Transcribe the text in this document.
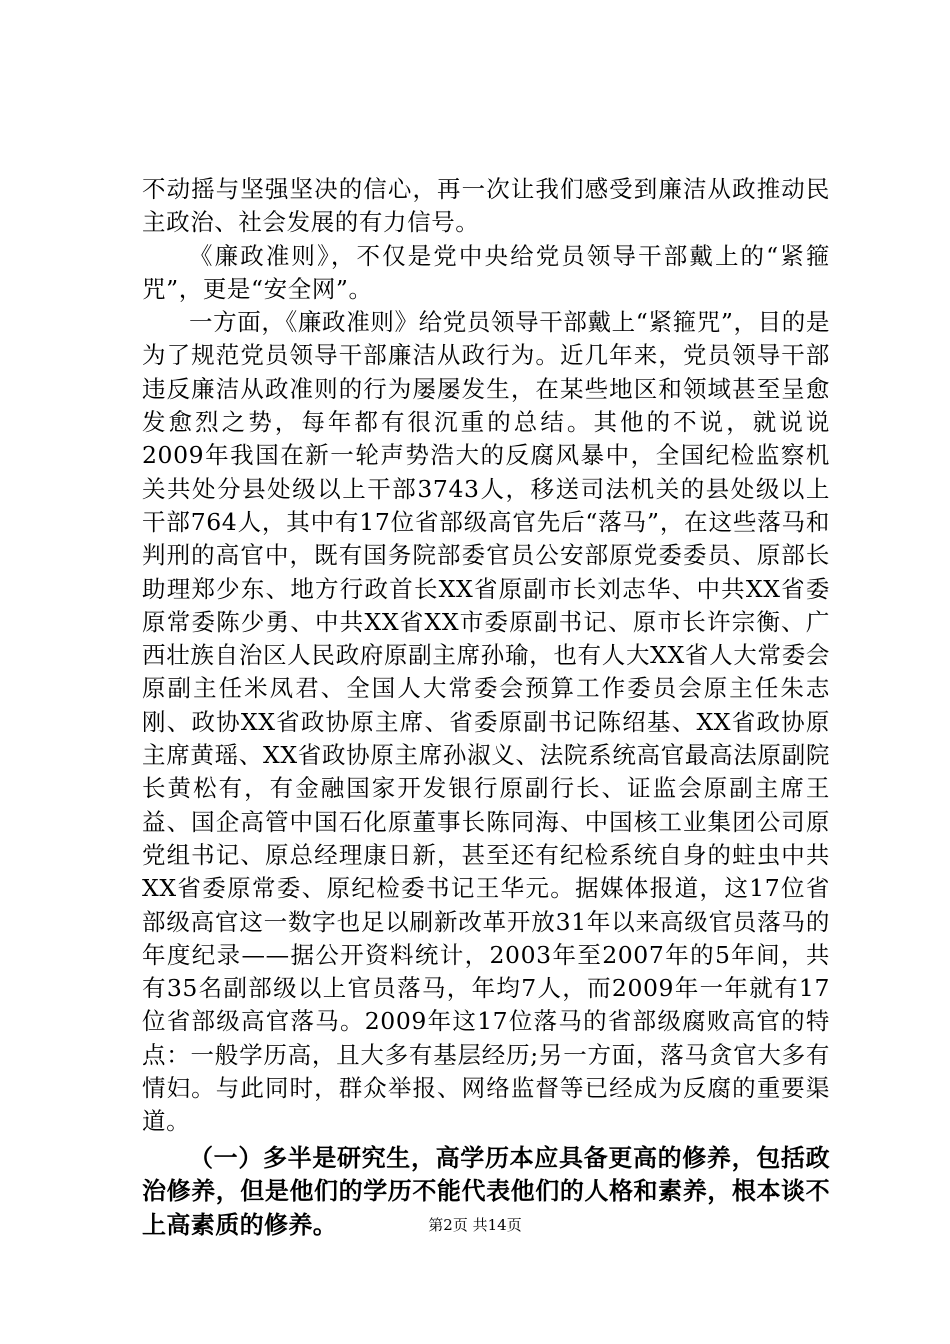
不动摇与坚强坚决的信心，再一次让我们感受到廉洁从政推动民主政治、社会发展的有力信号。

《廉政准则》，不仅是党中央给党员领导干部戴上的“紧箍咒”，更是“安全网”。

一方面，《廉政准则》给党员领导干部戴上“紧箍咒”，目的是为了规范党员领导干部廉洁从政行为。近几年来，党员领导干部违反廉洁从政准则的行为屡屡发生，在某些地区和领域甚至呈愈发愈烈之势，每年都有很沉重的总结。其他的不说，就说说2009年我国在新一轮声势浩大的反腐风暴中，全国纪检监察机关共处分县处级以上干部3743人，移送司法机关的县处级以上干部764人，其中有17位省部级高官先后“落马”，在这些落马和判刑的高官中，既有国务院部委官员公安部原党委委员、原部长助理郑少东、地方行政首长XX省原副市长刘志华、中共XX省委原常委陈少勇、中共XX省XX市委原副书记、原市长许宗衡、广西壮族自治区人民政府原副主席孙瑜，也有人大XX省人大常委会原副主任米凤君、全国人大常委会预算工作委员会原主任朱志刚、政协XX省政协原主席、省委原副书记陈绍基、XX省政协原主席黄瑶、XX省政协原主席孙淑义、法院系统高官最高法原副院长黄松有，有金融国家开发银行原副行长、证监会原副主席王益、国企高管中国石化原董事长陈同海、中国核工业集团公司原党组书记、原总经理康日新，甚至还有纪检系统自身的蛀虫中共XX省委原常委、原纪检委书记王华元。据媒体报道，这17位省部级高官这一数字也足以刷新改革开放31年以来高级官员落马的年度纪录——据公开资料统计，2003年至2007年的5年间，共有35名副部级以上官员落马，年均7人，而2009年一年就有17位省部级高官落马。2009年这17位落马的省部级腐败高官的特点：一般学历高，且大多有基层经历;另一方面，落马贪官大多有情妇。与此同时，群众举报、网络监督等已经成为反腐的重要渠道。

（一）多半是研究生，高学历本应具备更高的修养，包括政治修养，但是他们的学历不能代表他们的人格和素养，根本谈不上高素质的修养。	第2页 共14页
